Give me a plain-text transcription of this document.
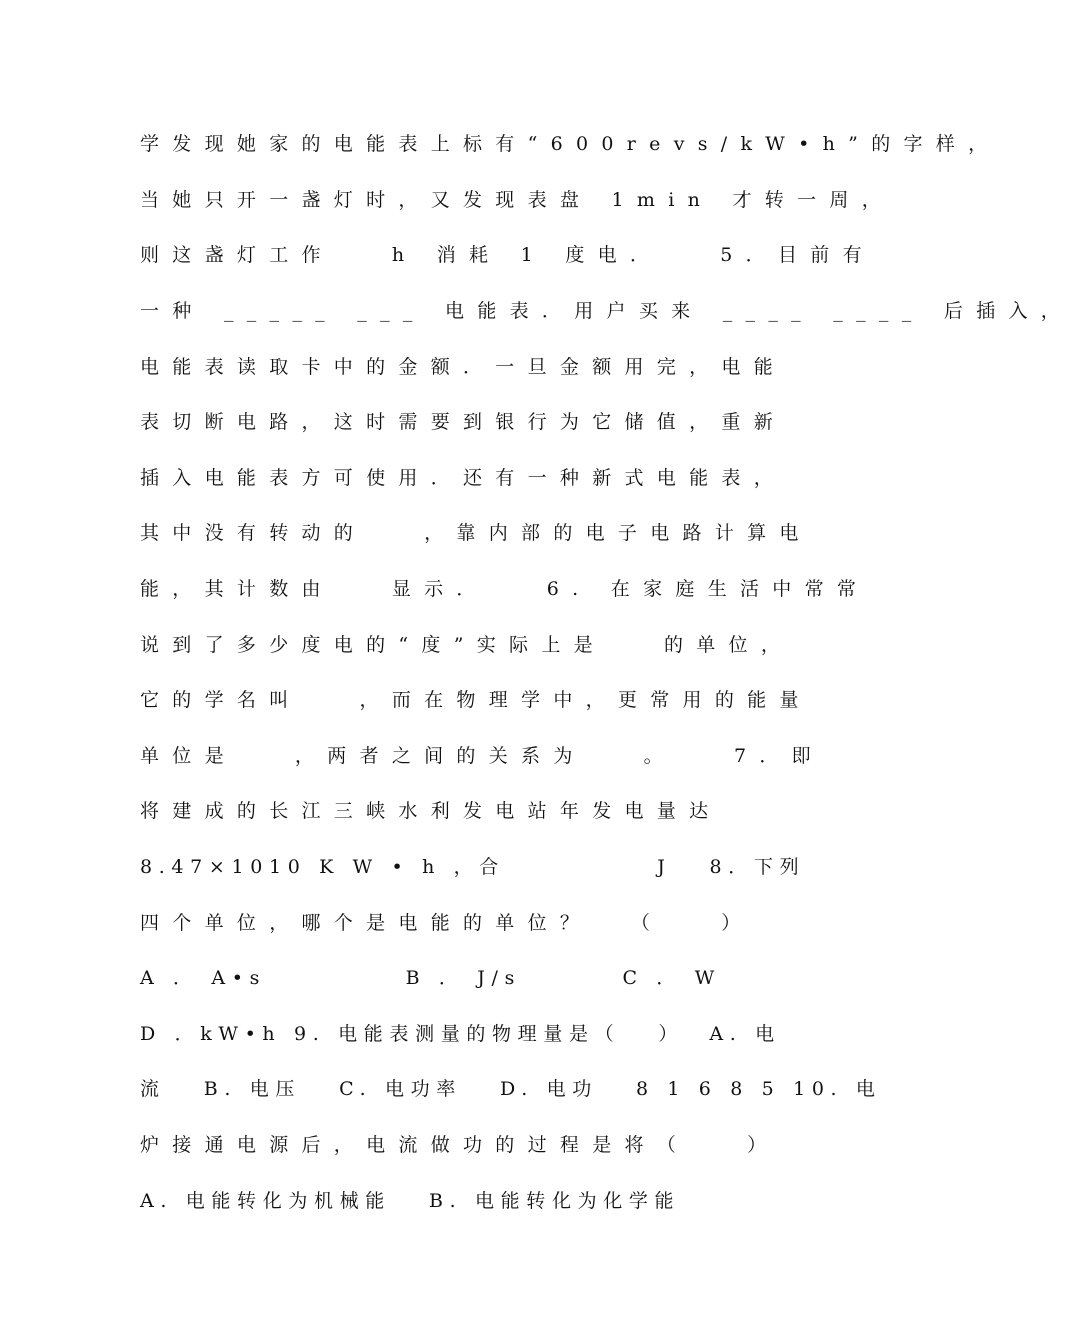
学发现她家的电能表上标有“600revs/kW•h”的字样，
当她只开一盏灯时，又发现表盘 1min 才转一周，
则这盏灯工作   h 消耗 1 度电．   5．目前有
一种 _____ ___ 电能表．用户买来 ____ ____ 后插入，
电能表读取卡中的金额．一旦金额用完，电能
表切断电路，这时需要到银行为它储值，重新
插入电能表方可使用．还有一种新式电能表，
其中没有转动的   ，靠内部的电子电路计算电
能，其计数由   显示．   6. 在家庭生活中常常
说到了多少度电的“度”实际上是   的单位，
它的学名叫   ，而在物理学中，更常用的能量
单位是   ，两者之间的关系为   。   7．即
将建成的长江三峡水利发电站年发电量达
8.47×1010 K W • h ，合            J   8．下列
四个单位，哪个是电能的单位？  （   ）
A ． A•s           B ． J/s        C ． W
D ．kW•h 9. 电能表测量的物理量是（   ）  A. 电
流   B. 电压   C. 电功率   D. 电功   8 1 6 8 5 10. 电
炉接通电源后，电流做功的过程是将（   ）
A. 电能转化为机械能   B. 电能转化为化学能
